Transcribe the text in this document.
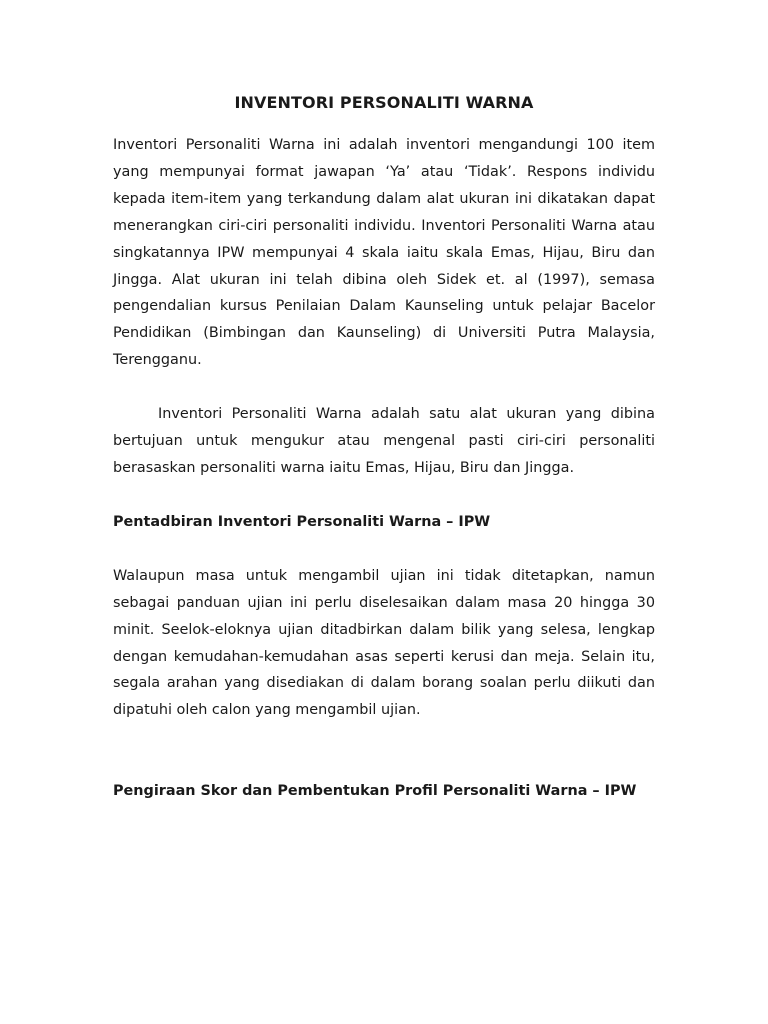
INVENTORI PERSONALITI WARNA

Inventori Personaliti Warna ini adalah inventori mengandungi 100 item yang mempunyai format jawapan ‘Ya’ atau ‘Tidak’. Respons individu kepada item-item yang terkandung dalam alat ukuran ini dikatakan dapat menerangkan ciri-ciri personaliti individu. Inventori Personaliti Warna atau singkatannya IPW mempunyai 4 skala iaitu skala Emas, Hijau, Biru dan Jingga. Alat ukuran ini telah dibina oleh Sidek et. al (1997), semasa pengendalian kursus Penilaian Dalam Kaunseling untuk pelajar Bacelor Pendidikan (Bimbingan dan Kaunseling) di Universiti Putra Malaysia, Terengganu.

Inventori Personaliti Warna adalah satu alat ukuran yang dibina bertujuan untuk mengukur atau mengenal pasti ciri-ciri personaliti berasaskan personaliti warna iaitu Emas, Hijau, Biru dan Jingga.

Pentadbiran Inventori Personaliti Warna – IPW

Walaupun masa untuk mengambil ujian ini tidak ditetapkan, namun sebagai panduan ujian ini perlu diselesaikan dalam masa 20 hingga 30 minit. Seelok-eloknya ujian ditadbirkan dalam bilik yang selesa, lengkap dengan kemudahan-kemudahan asas seperti kerusi dan meja. Selain itu, segala arahan yang disediakan di dalam borang soalan perlu diikuti dan dipatuhi oleh calon yang mengambil ujian.

Pengiraan Skor dan Pembentukan Profil Personaliti Warna – IPW
